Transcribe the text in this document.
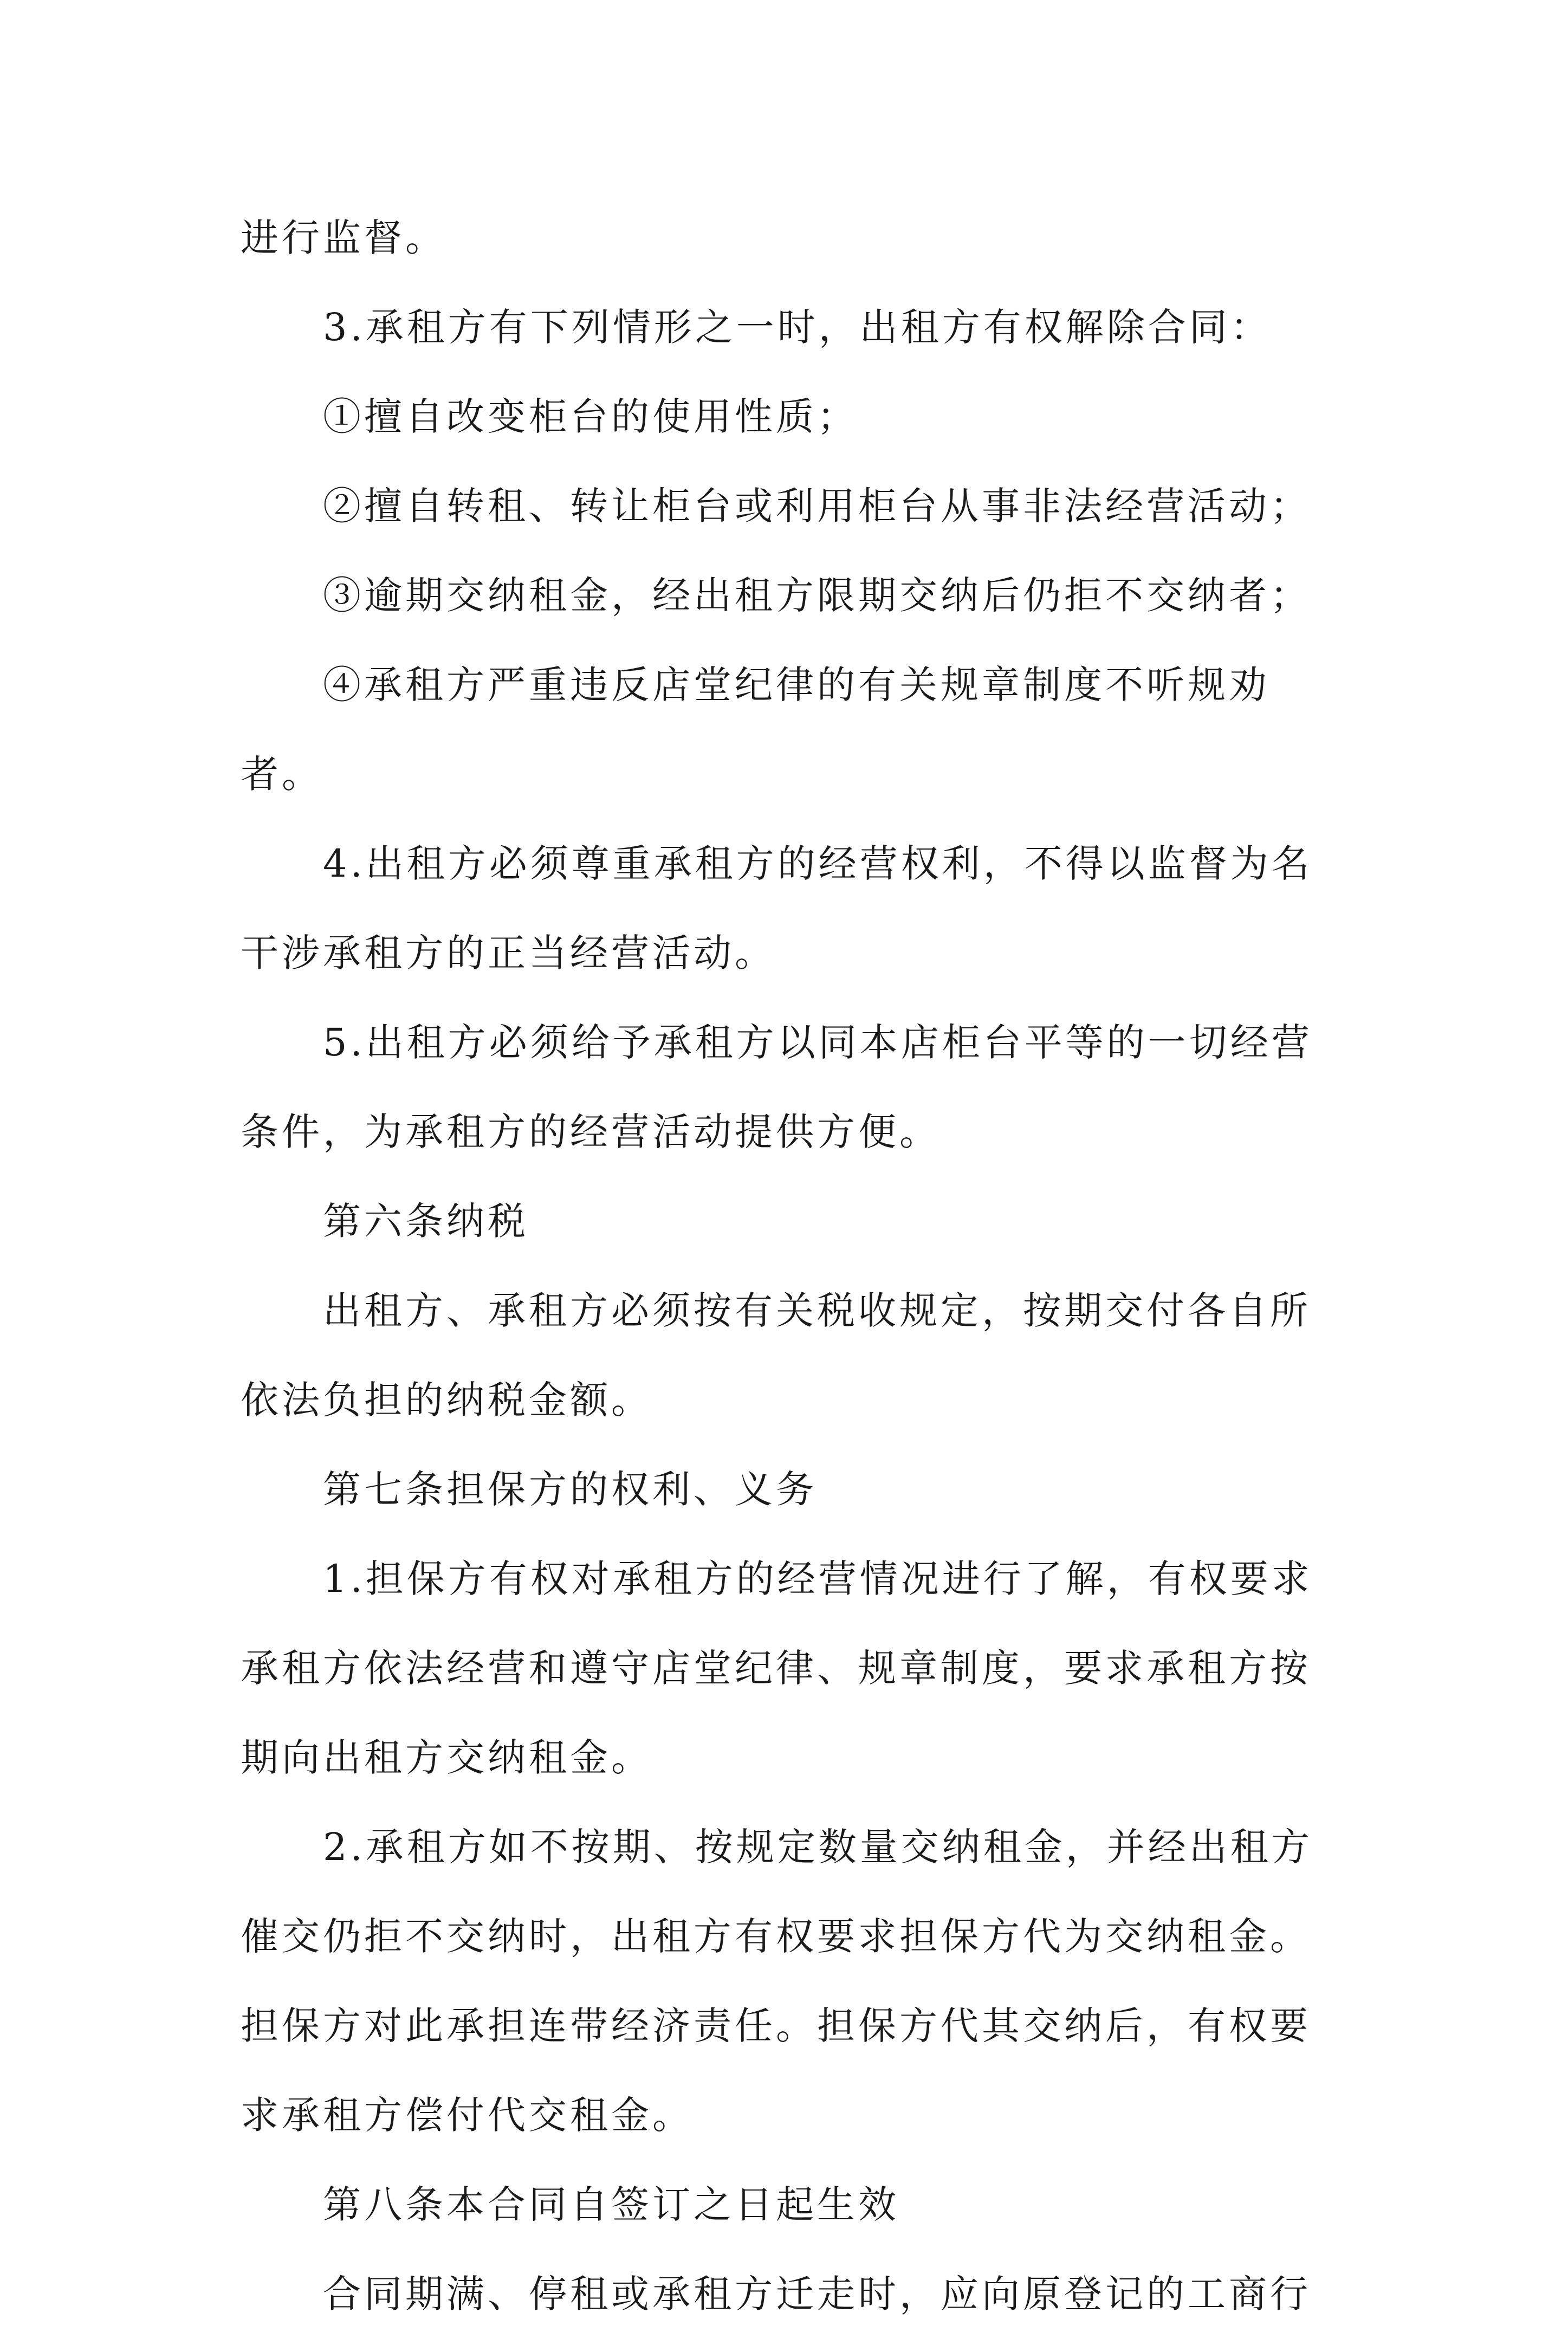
进行监督。

3.承租方有下列情形之一时，出租方有权解除合同：

①擅自改变柜台的使用性质；

②擅自转租、转让柜台或利用柜台从事非法经营活动；

③逾期交纳租金，经出租方限期交纳后仍拒不交纳者；

④承租方严重违反店堂纪律的有关规章制度不听规劝者。

4.出租方必须尊重承租方的经营权利，不得以监督为名干涉承租方的正当经营活动。

5.出租方必须给予承租方以同本店柜台平等的一切经营条件，为承租方的经营活动提供方便。

第六条纳税

出租方、承租方必须按有关税收规定，按期交付各自所依法负担的纳税金额。

第七条担保方的权利、义务

1.担保方有权对承租方的经营情况进行了解，有权要求承租方依法经营和遵守店堂纪律、规章制度，要求承租方按期向出租方交纳租金。

2.承租方如不按期、按规定数量交纳租金，并经出租方催交仍拒不交纳时，出租方有权要求担保方代为交纳租金。担保方对此承担连带经济责任。担保方代其交纳后，有权要求承租方偿付代交租金。

第八条本合同自签订之日起生效

合同期满、停租或承租方迁走时，应向原登记的工商行
